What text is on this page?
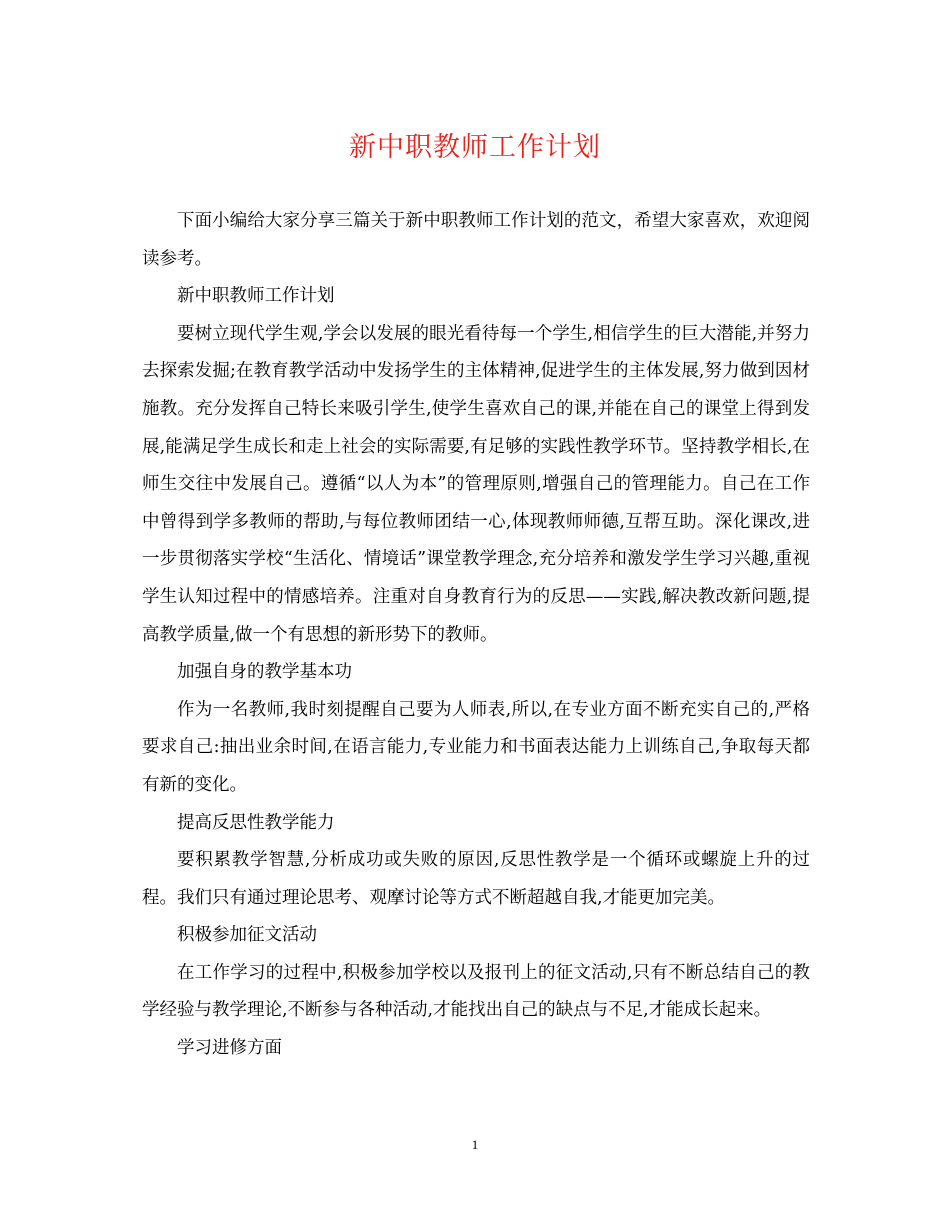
新中职教师工作计划

下面小编给大家分享三篇关于新中职教师工作计划的范文，希望大家喜欢，欢迎阅读参考。

新中职教师工作计划

要树立现代学生观,学会以发展的眼光看待每一个学生,相信学生的巨大潜能,并努力去探索发掘;在教育教学活动中发扬学生的主体精神,促进学生的主体发展,努力做到因材施教。充分发挥自己特长来吸引学生,使学生喜欢自己的课,并能在自己的课堂上得到发展,能满足学生成长和走上社会的实际需要,有足够的实践性教学环节。坚持教学相长,在师生交往中发展自己。遵循“以人为本”的管理原则,增强自己的管理能力。自己在工作中曾得到学多教师的帮助,与每位教师团结一心,体现教师师德,互帮互助。深化课改,进一步贯彻落实学校“生活化、情境话”课堂教学理念,充分培养和激发学生学习兴趣,重视学生认知过程中的情感培养。注重对自身教育行为的反思——实践,解决教改新问题,提高教学质量,做一个有思想的新形势下的教师。

加强自身的教学基本功

作为一名教师,我时刻提醒自己要为人师表,所以,在专业方面不断充实自己的,严格要求自己:抽出业余时间,在语言能力,专业能力和书面表达能力上训练自己,争取每天都有新的变化。

提高反思性教学能力

要积累教学智慧,分析成功或失败的原因,反思性教学是一个循环或螺旋上升的过程。我们只有通过理论思考、观摩讨论等方式不断超越自我,才能更加完美。

积极参加征文活动

在工作学习的过程中,积极参加学校以及报刊上的征文活动,只有不断总结自己的教学经验与教学理论,不断参与各种活动,才能找出自己的缺点与不足,才能成长起来。

学习进修方面

1
